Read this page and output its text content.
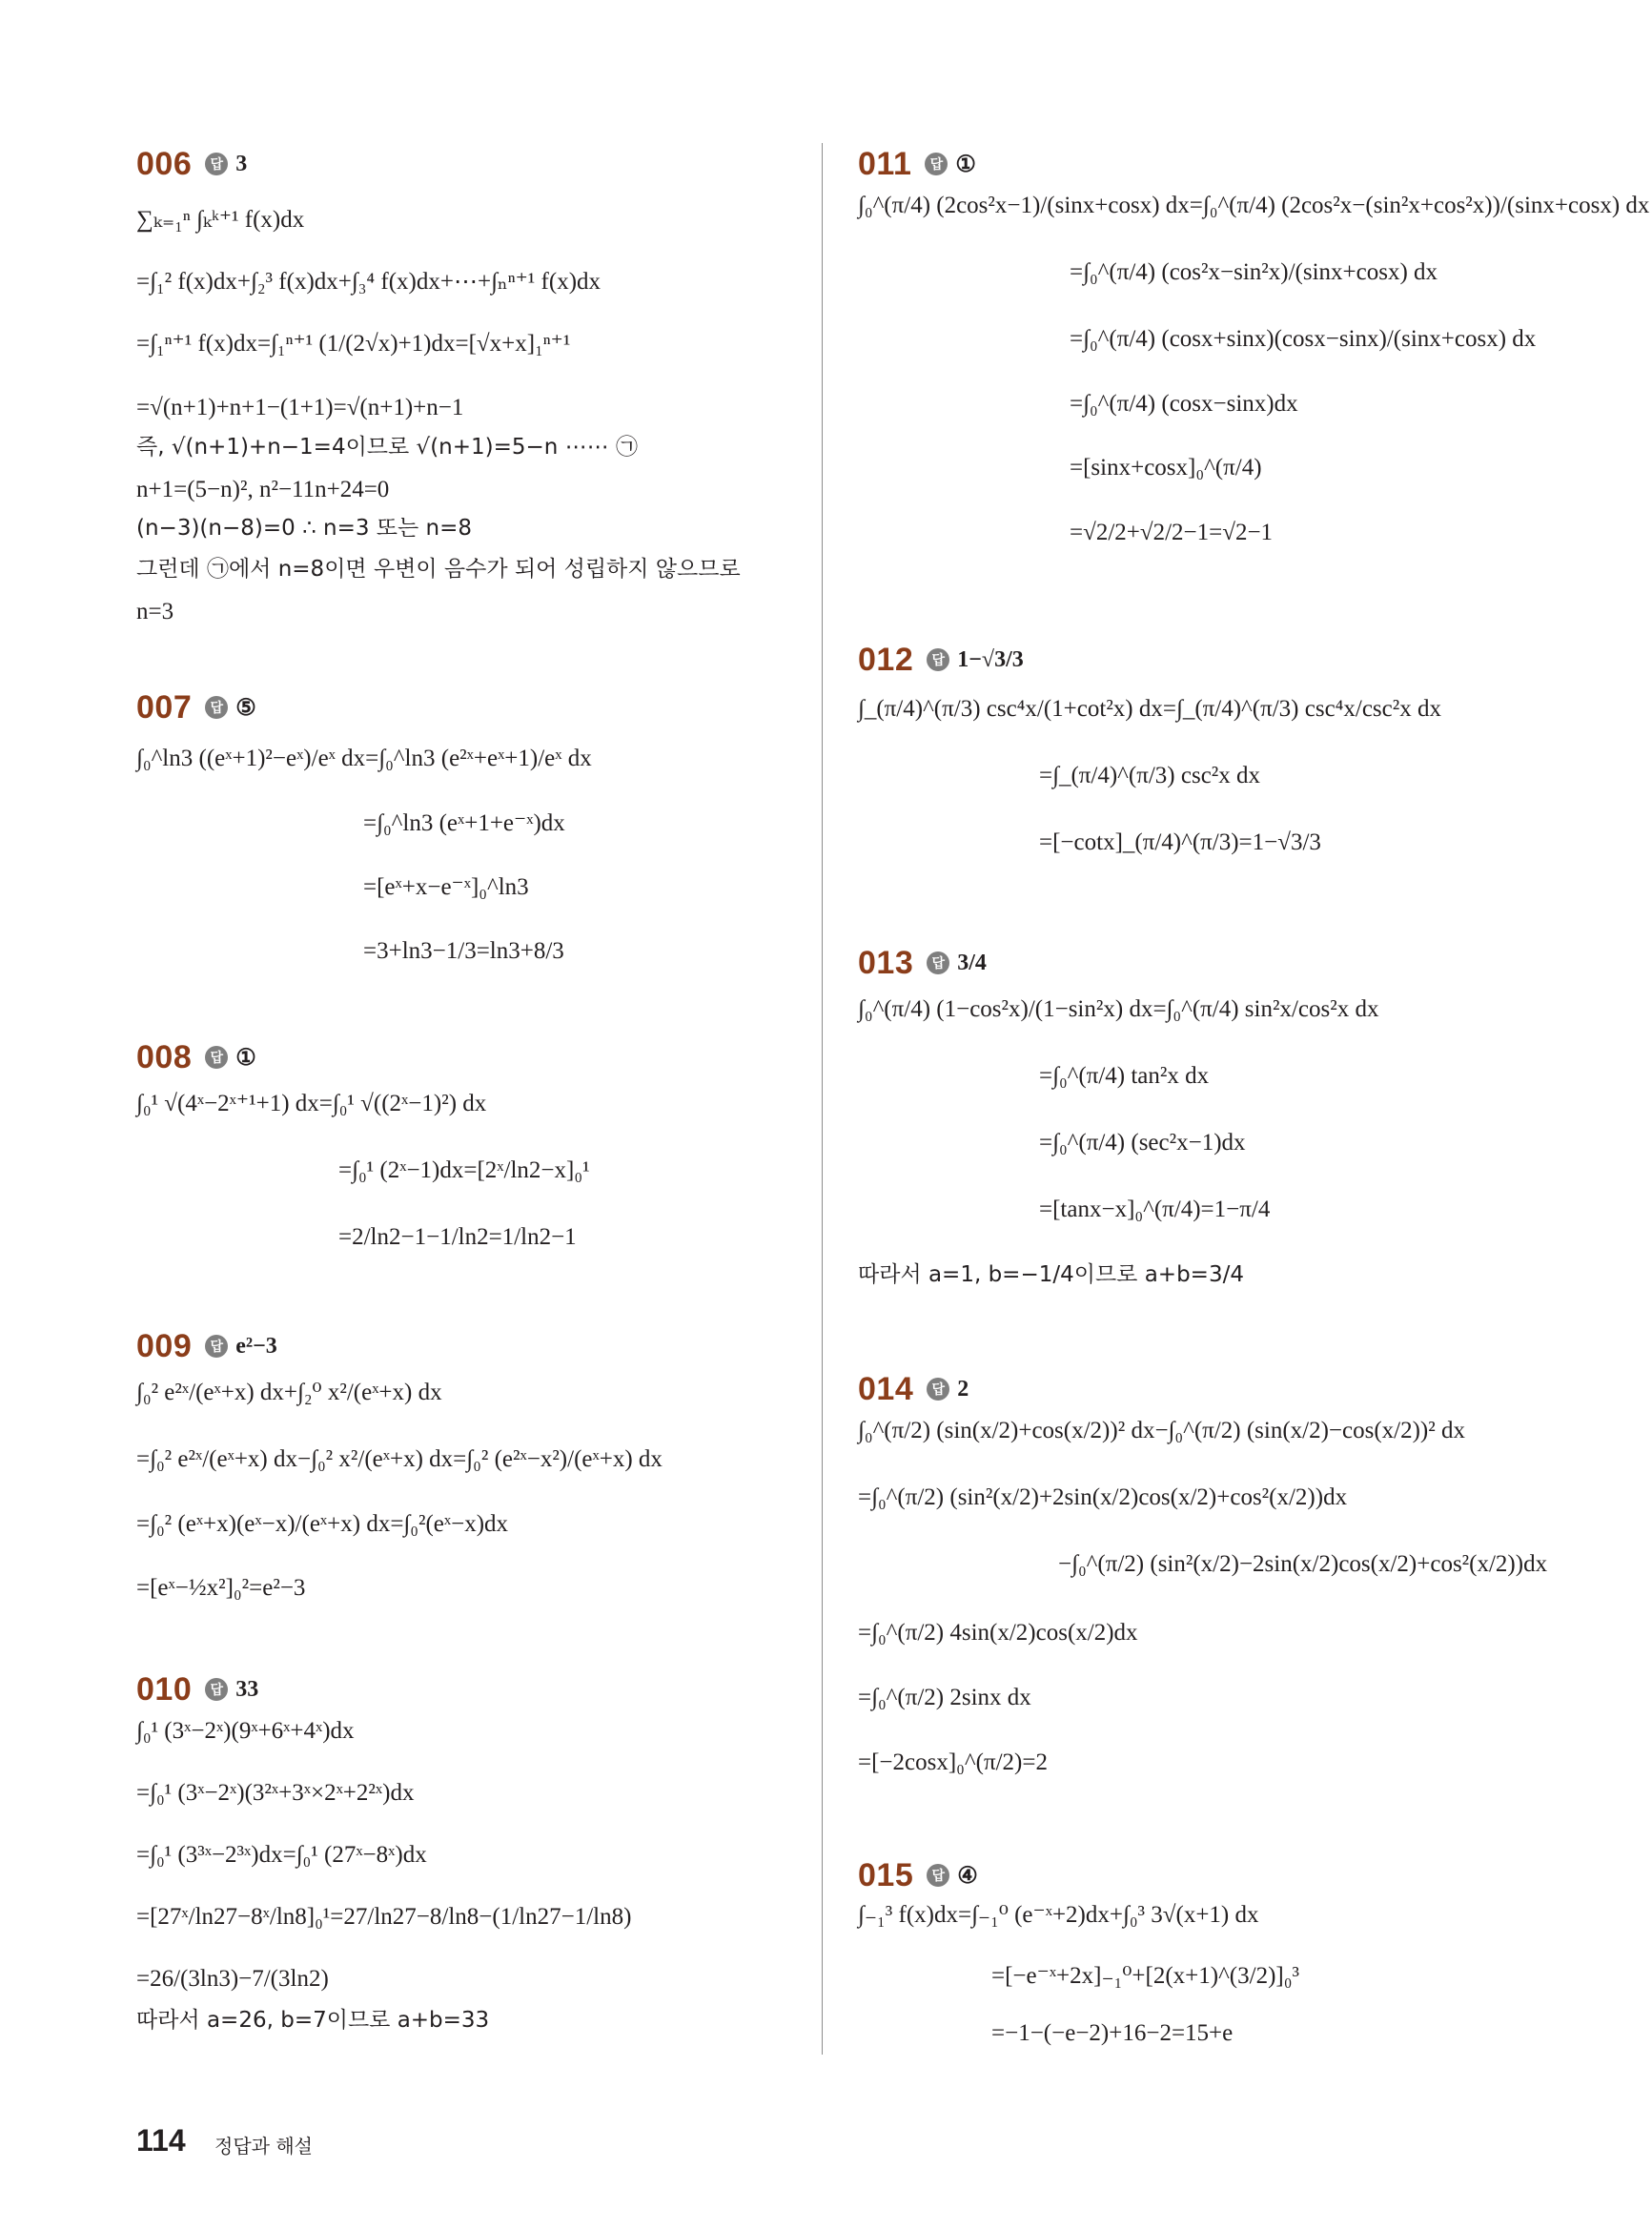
006	답 3
∑ₖ₌₁ⁿ ∫ₖᵏ⁺¹ f(x)dx
=∫₁² f(x)dx+∫₂³ f(x)dx+∫₃⁴ f(x)dx+⋯+∫ₙⁿ⁺¹ f(x)dx
=∫₁ⁿ⁺¹ f(x)dx=∫₁ⁿ⁺¹ (1/(2√x)+1)dx=[√x+x]₁ⁿ⁺¹
=√(n+1)+n+1−(1+1)=√(n+1)+n−1
즉, √(n+1)+n−1=4이므로 √(n+1)=5−n ⋯⋯ ㉠
n+1=(5−n)², n²−11n+24=0
(n−3)(n−8)=0 ∴ n=3 또는 n=8
그런데 ㉠에서 n=8이면 우변이 음수가 되어 성립하지 않으므로
n=3
007	답 ⑤
∫₀^ln3 ((eˣ+1)²−eˣ)/eˣ dx=∫₀^ln3 (e²ˣ+eˣ+1)/eˣ dx
=∫₀^ln3 (eˣ+1+e⁻ˣ)dx
=[eˣ+x−e⁻ˣ]₀^ln3
=3+ln3−1/3=ln3+8/3
008	답 ①
∫₀¹ √(4ˣ−2ˣ⁺¹+1) dx=∫₀¹ √((2ˣ−1)²) dx
=∫₀¹ (2ˣ−1)dx=[2ˣ/ln2−x]₀¹
=2/ln2−1−1/ln2=1/ln2−1
009	답 e²−3
∫₀² e²ˣ/(eˣ+x) dx+∫₂⁰ x²/(eˣ+x) dx
=∫₀² e²ˣ/(eˣ+x) dx−∫₀² x²/(eˣ+x) dx=∫₀² (e²ˣ−x²)/(eˣ+x) dx
=∫₀² (eˣ+x)(eˣ−x)/(eˣ+x) dx=∫₀²(eˣ−x)dx
=[eˣ−½x²]₀²=e²−3
010	답 33
∫₀¹ (3ˣ−2ˣ)(9ˣ+6ˣ+4ˣ)dx
=∫₀¹ (3ˣ−2ˣ)(3²ˣ+3ˣ×2ˣ+2²ˣ)dx
=∫₀¹ (3³ˣ−2³ˣ)dx=∫₀¹ (27ˣ−8ˣ)dx
=[27ˣ/ln27−8ˣ/ln8]₀¹=27/ln27−8/ln8−(1/ln27−1/ln8)
=26/(3ln3)−7/(3ln2)
따라서 a=26, b=7이므로 a+b=33
011	답 ①
∫₀^(π/4) (2cos²x−1)/(sinx+cosx) dx=∫₀^(π/4) (2cos²x−(sin²x+cos²x))/(sinx+cosx) dx
=∫₀^(π/4) (cos²x−sin²x)/(sinx+cosx) dx
=∫₀^(π/4) (cosx+sinx)(cosx−sinx)/(sinx+cosx) dx
=∫₀^(π/4) (cosx−sinx)dx
=[sinx+cosx]₀^(π/4)
=√2/2+√2/2−1=√2−1
012	답 1−√3/3
∫_(π/4)^(π/3) csc⁴x/(1+cot²x) dx=∫_(π/4)^(π/3) csc⁴x/csc²x dx
=∫_(π/4)^(π/3) csc²x dx
=[−cotx]_(π/4)^(π/3)=1−√3/3
013	답 3/4
∫₀^(π/4) (1−cos²x)/(1−sin²x) dx=∫₀^(π/4) sin²x/cos²x dx
=∫₀^(π/4) tan²x dx
=∫₀^(π/4) (sec²x−1)dx
=[tanx−x]₀^(π/4)=1−π/4
따라서 a=1, b=−1/4이므로 a+b=3/4
014	답 2
∫₀^(π/2) (sin(x/2)+cos(x/2))² dx−∫₀^(π/2) (sin(x/2)−cos(x/2))² dx
=∫₀^(π/2) (sin²(x/2)+2sin(x/2)cos(x/2)+cos²(x/2))dx
−∫₀^(π/2) (sin²(x/2)−2sin(x/2)cos(x/2)+cos²(x/2))dx
=∫₀^(π/2) 4sin(x/2)cos(x/2)dx
=∫₀^(π/2) 2sinx dx
=[−2cosx]₀^(π/2)=2
015	답 ④
∫₋₁³ f(x)dx=∫₋₁⁰ (e⁻ˣ+2)dx+∫₀³ 3√(x+1) dx
=[−e⁻ˣ+2x]₋₁⁰+[2(x+1)^(3/2)]₀³
=−1−(−e−2)+16−2=15+e
114 정답과 해설
